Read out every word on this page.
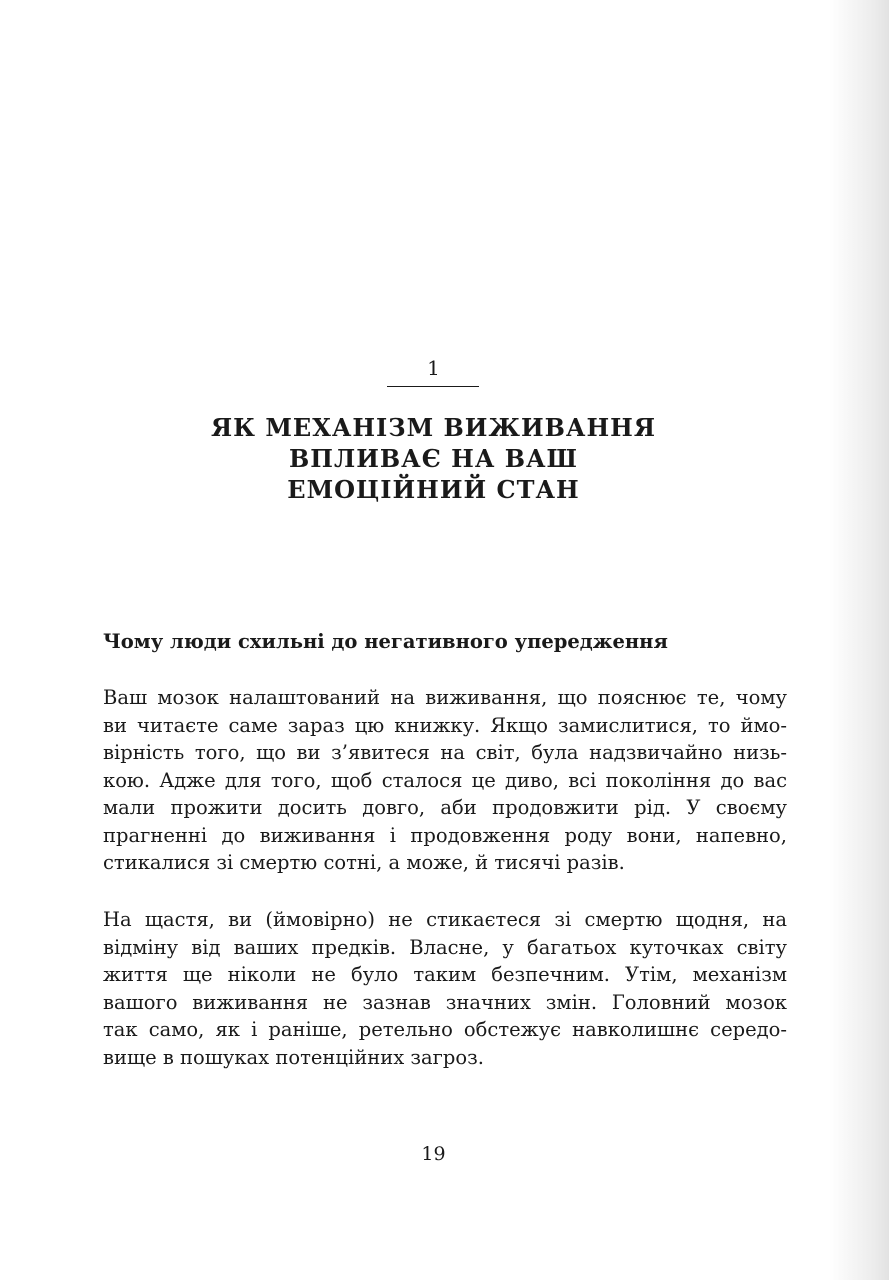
1
ЯК МЕХАНІЗМ ВИЖИВАННЯ
ВПЛИВАЄ НА ВАШ
ЕМОЦІЙНИЙ СТАН
Чому люди схильні до негативного упередження
Ваш мозок налаштований на виживання, що пояснює те, чому
ви читаєте саме зараз цю книжку. Якщо замислитися, то ймо-
вірність того, що ви з’явитеся на світ, була надзвичайно низь-
кою. Адже для того, щоб сталося це диво, всі покоління до вас
мали прожити досить довго, аби продовжити рід. У своєму
прагненні до виживання і продовження роду вони, напевно,
стикалися зі смертю сотні, а може, й тисячі разів.
На щастя, ви (ймовірно) не стикаєтеся зі смертю щодня, на
відміну від ваших предків. Власне, у багатьох куточках світу
життя ще ніколи не було таким безпечним. Утім, механізм
вашого виживання не зазнав значних змін. Головний мозок
так само, як і раніше, ретельно обстежує навколишнє середо-
вище в пошуках потенційних загроз.
19
